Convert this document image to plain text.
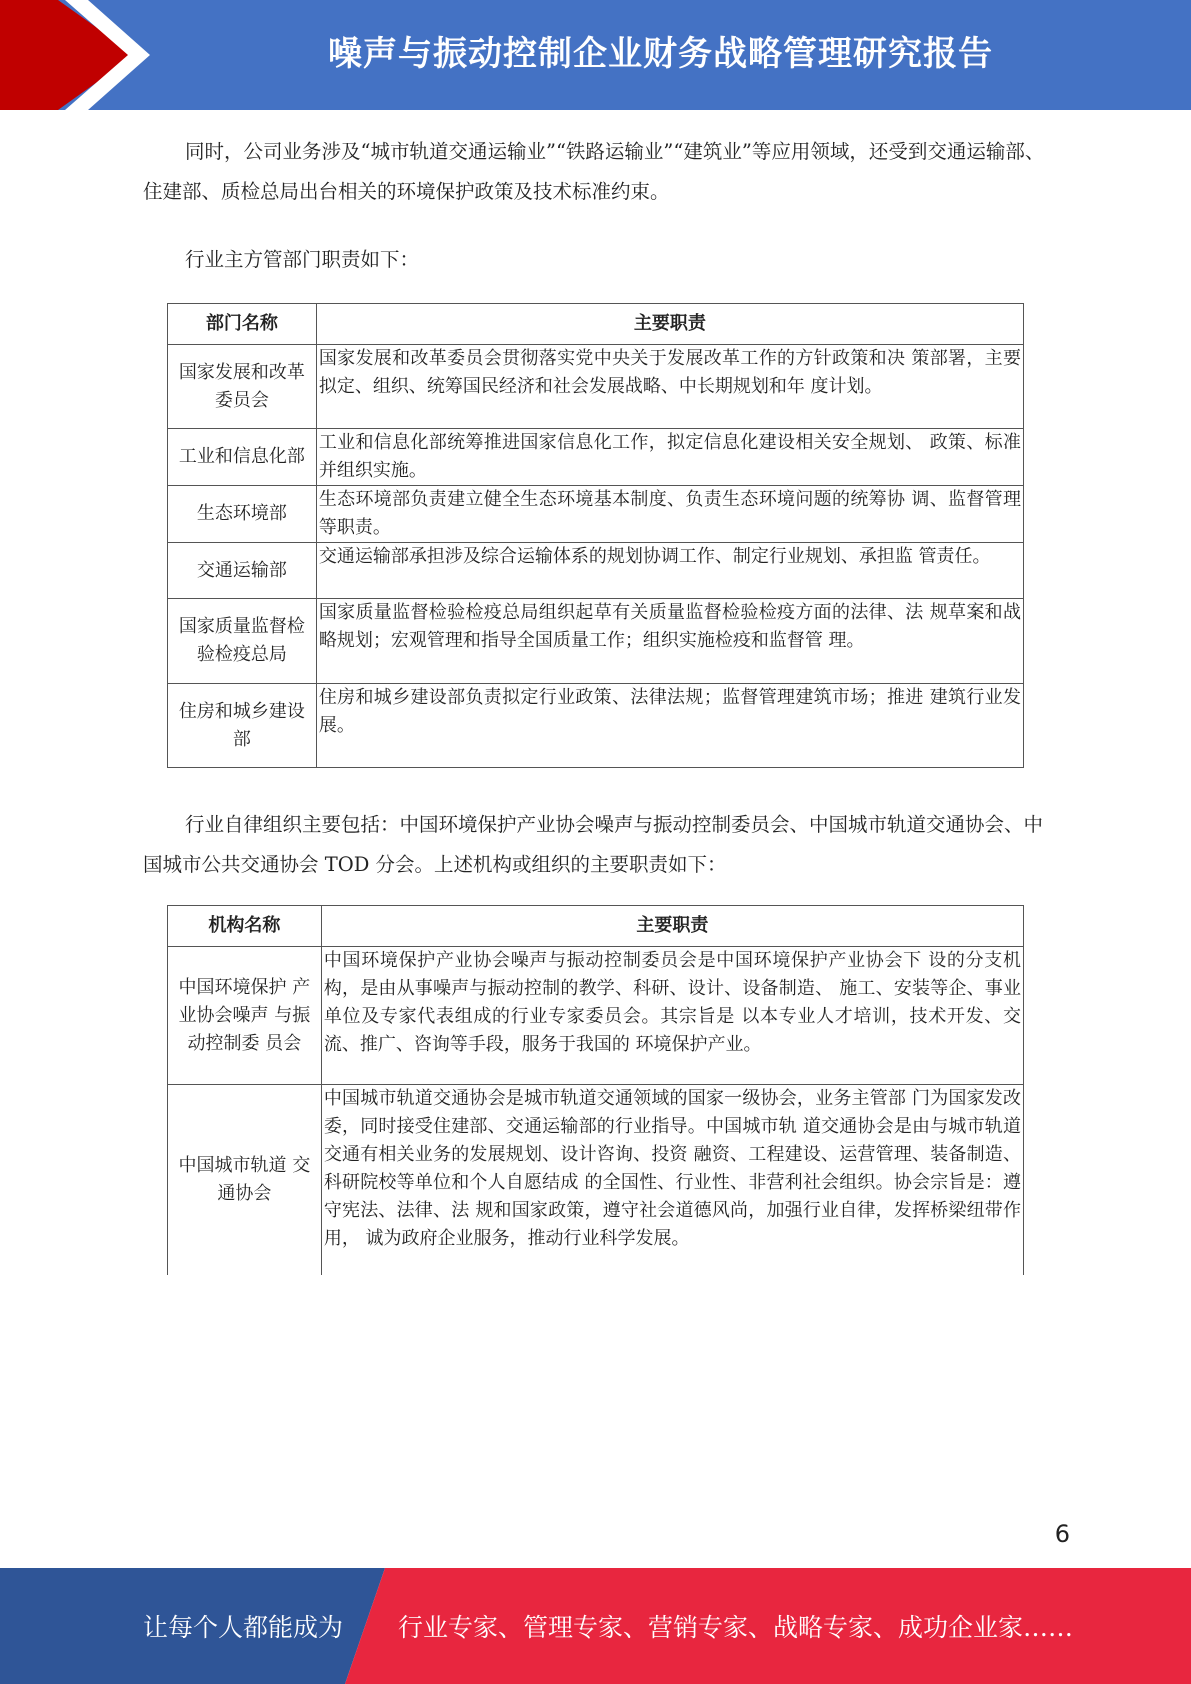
噪声与振动控制企业财务战略管理研究报告

同时，公司业务涉及“城市轨道交通运输业”“铁路运输业”“建筑业”等应用领域，还受到交通运输部、住建部、质检总局出台相关的环境保护政策及技术标准约束。

行业主方管部门职责如下：

部门名称	主要职责
国家发展和改革委员会	国家发展和改革委员会贯彻落实党中央关于发展改革工作的方针政策和决 策部署，主要拟定、组织、统筹国民经济和社会发展战略、中长期规划和年 度计划。
工业和信息化部	工业和信息化部统筹推进国家信息化工作，拟定信息化建设相关安全规划、 政策、标准并组织实施。
生态环境部	生态环境部负责建立健全生态环境基本制度、负责生态环境问题的统筹协 调、监督管理等职责。
交通运输部	交通运输部承担涉及综合运输体系的规划协调工作、制定行业规划、承担监 管责任。
国家质量监督检验检疫总局	国家质量监督检验检疫总局组织起草有关质量监督检验检疫方面的法律、法 规草案和战略规划；宏观管理和指导全国质量工作；组织实施检疫和监督管 理。
住房和城乡建设部	住房和城乡建设部负责拟定行业政策、法律法规；监督管理建筑市场；推进 建筑行业发展。

行业自律组织主要包括：中国环境保护产业协会噪声与振动控制委员会、中国城市轨道交通协会、中国城市公共交通协会 TOD 分会。上述机构或组织的主要职责如下：

机构名称	主要职责
中国环境保护 产业协会噪声 与振动控制委 员会	中国环境保护产业协会噪声与振动控制委员会是中国环境保护产业协会下 设的分支机构，是由从事噪声与振动控制的教学、科研、设计、设备制造、 施工、安装等企、事业单位及专家代表组成的行业专家委员会。其宗旨是 以本专业人才培训，技术开发、交流、推广、咨询等手段，服务于我国的 环境保护产业。
中国城市轨道 交通协会	中国城市轨道交通协会是城市轨道交通领域的国家一级协会，业务主管部 门为国家发改委，同时接受住建部、交通运输部的行业指导。中国城市轨 道交通协会是由与城市轨道交通有相关业务的发展规划、设计咨询、投资 融资、工程建设、运营管理、装备制造、科研院校等单位和个人自愿结成 的全国性、行业性、非营利社会组织。协会宗旨是：遵守宪法、法律、法 规和国家政策，遵守社会道德风尚，加强行业自律，发挥桥梁纽带作用， 诚为政府企业服务，推动行业科学发展。
6
让每个人都能成为 行业专家、管理专家、营销专家、战略专家、成功企业家……
